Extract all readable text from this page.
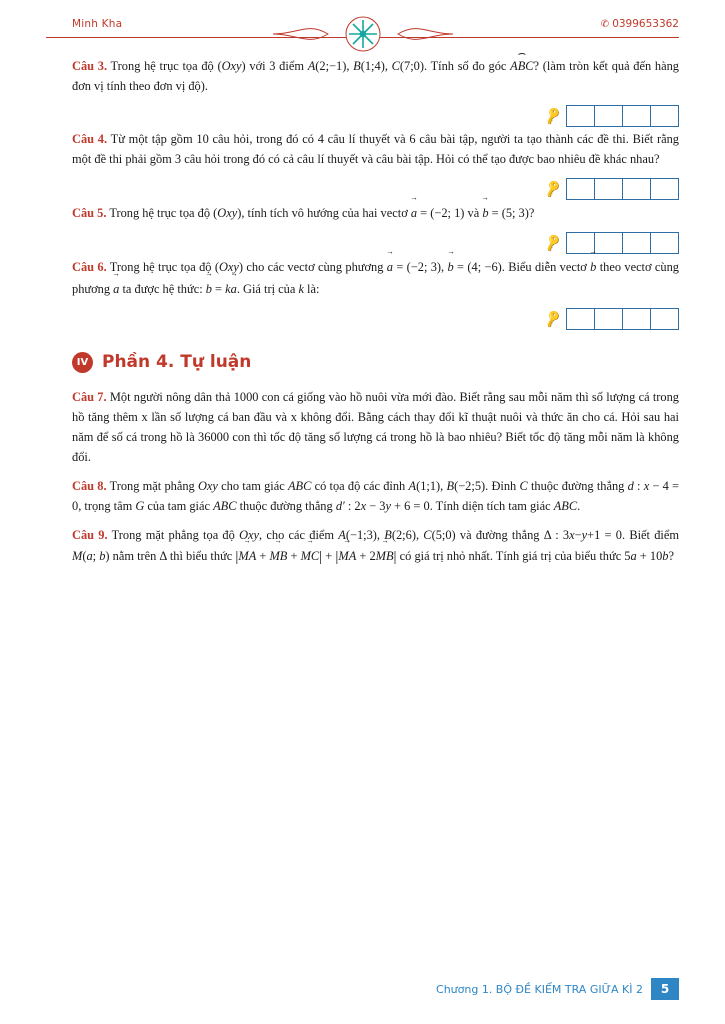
Minh Kha	✆ 0399653362
Câu 3. Trong hệ trục tọa độ (Oxy) với 3 điểm A(2;−1), B(1;4), C(7;0). Tính số đo góc ABC ⌢? (làm tròn kết quả đến hàng đơn vị tính theo đơn vị độ).
🔑
Câu 4. Từ một tập gồm 10 câu hỏi, trong đó có 4 câu lí thuyết và 6 câu bài tập, người ta tạo thành các đề thi. Biết rằng một đề thi phải gồm 3 câu hỏi trong đó có cả câu lí thuyết và câu bài tập. Hỏi có thể tạo được bao nhiêu đề khác nhau?
🔑
Câu 5. Trong hệ trục tọa độ (Oxy), tính tích vô hướng của hai vectơ a → = (−2; 1) và b → = (5; 3)?
🔑
Câu 6. Trong hệ trục tọa độ (Oxy) cho các vectơ cùng phương a → = (−2; 3), b → = (4; −6). Biểu diễn vectơ b → theo vectơ cùng phương a → ta được hệ thức: b → = ka →. Giá trị của k là:
🔑
IV Phần 4. Tự luận
Câu 7. Một người nông dân thả 1000 con cá giống vào hồ nuôi vừa mới đào. Biết rằng sau mỗi năm thì số lượng cá trong hồ tăng thêm x lần số lượng cá ban đầu và x không đổi. Bằng cách thay đổi kĩ thuật nuôi và thức ăn cho cá. Hỏi sau hai năm để số cá trong hồ là 36000 con thì tốc độ tăng số lượng cá trong hồ là bao nhiêu? Biết tốc độ tăng mỗi năm là không đổi.
Câu 8. Trong mặt phẳng Oxy cho tam giác ABC có tọa độ các đỉnh A(1;1), B(−2;5). Đỉnh C thuộc đường thẳng d : x − 4 = 0, trọng tâm G của tam giác ABC thuộc đường thẳng d′ : 2x − 3y + 6 = 0. Tính diện tích tam giác ABC.
Câu 9. Trong mặt phẳng tọa độ Oxy, cho các điểm A(−1;3), B(2;6), C(5;0) và đường thẳng Δ : 3x−y+1 = 0. Biết điểm M(a; b) nằm trên Δ thì biểu thức |MA → + MB → + MC →| + |MA → + 2MB →| có giá trị nhỏ nhất. Tính giá trị của biểu thức 5a + 10b?
Chương 1. BỘ ĐỀ KIỂM TRA GIỮA KÌ 2	5
